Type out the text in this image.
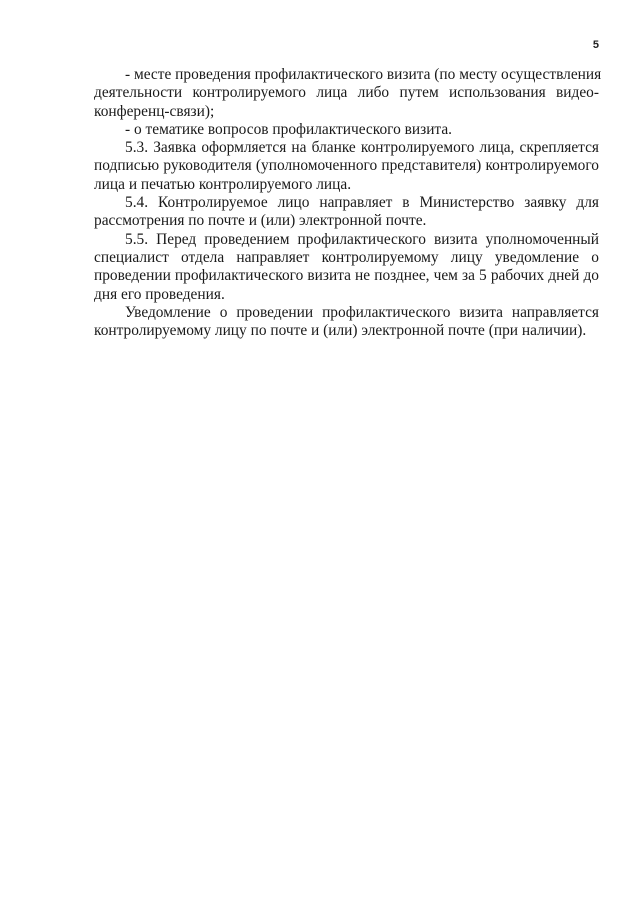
5

- месте проведения профилактического визита (по месту осуществления
деятельности контролируемого лица либо путем использования видео-
конференц-связи);

- о тематике вопросов профилактического визита.

5.3. Заявка оформляется на бланке контролируемого лица, скрепляется
подписью руководителя (уполномоченного представителя) контролируемого
лица и печатью контролируемого лица.

5.4. Контролируемое лицо направляет в Министерство заявку для
рассмотрения по почте и (или) электронной почте.

5.5. Перед проведением профилактического визита уполномоченный
специалист отдела направляет контролируемому лицу уведомление о
проведении профилактического визита не позднее, чем за 5 рабочих дней до
дня его проведения.

Уведомление о проведении профилактического визита направляется
контролируемому лицу по почте и (или) электронной почте (при наличии).
